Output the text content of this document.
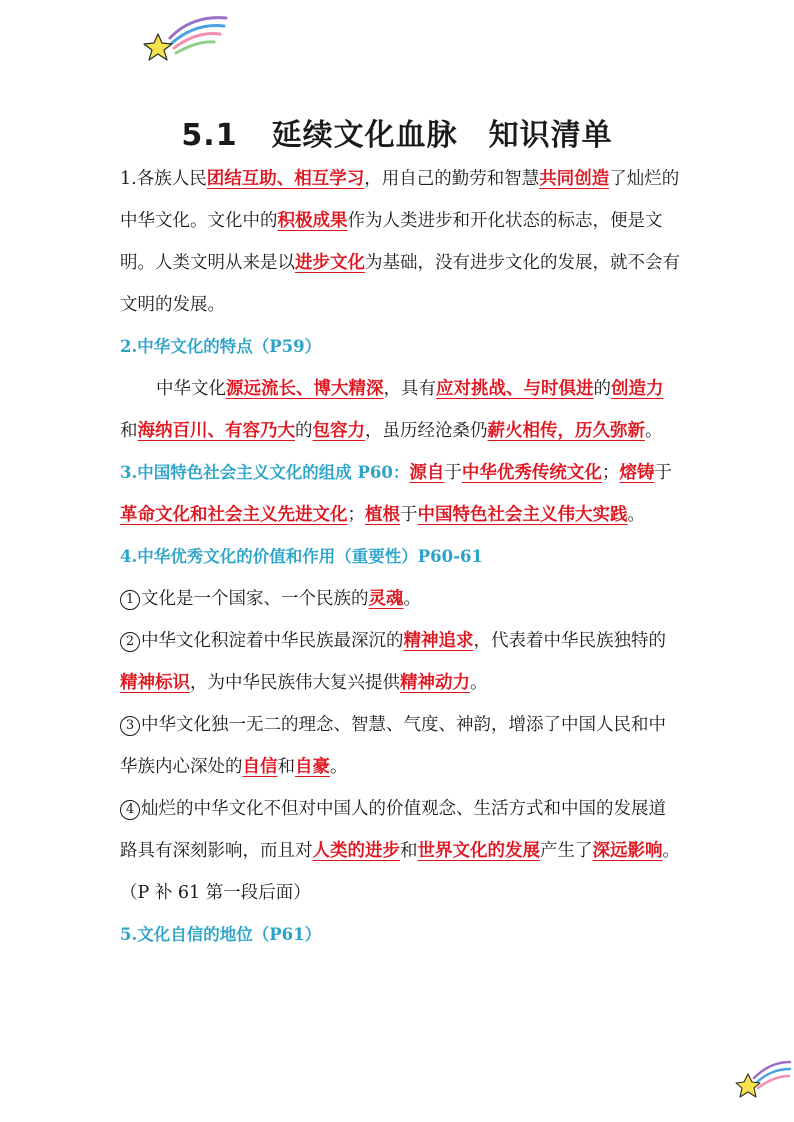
5.1 延续文化血脉　知识清单

1.各族人民团结互助、相互学习，用自己的勤劳和智慧共同创造了灿烂的中华文化。文化中的积极成果作为人类进步和开化状态的标志，便是文明。人类文明从来是以进步文化为基础，没有进步文化的发展，就不会有文明的发展。

2.中华文化的特点（P59）

中华文化源远流长、博大精深，具有应对挑战、与时俱进的创造力和海纳百川、有容乃大的包容力，虽历经沧桑仍薪火相传，历久弥新。

3.中国特色社会主义文化的组成 P60：源自于中华优秀传统文化；熔铸于革命文化和社会主义先进文化；植根于中国特色社会主义伟大实践。

4.中华优秀文化的价值和作用（重要性）P60-61

1 文化是一个国家、一个民族的灵魂。

2 中华文化积淀着中华民族最深沉的精神追求，代表着中华民族独特的精神标识，为中华民族伟大复兴提供精神动力。

3 中华文化独一无二的理念、智慧、气度、神韵，增添了中国人民和中华族内心深处的自信和自豪。

4 灿烂的中华文化不但对中国人的价值观念、生活方式和中国的发展道路具有深刻影响，而且对人类的进步和世界文化的发展产生了深远影响。（P 补 61 第一段后面）

5.文化自信的地位（P61）
